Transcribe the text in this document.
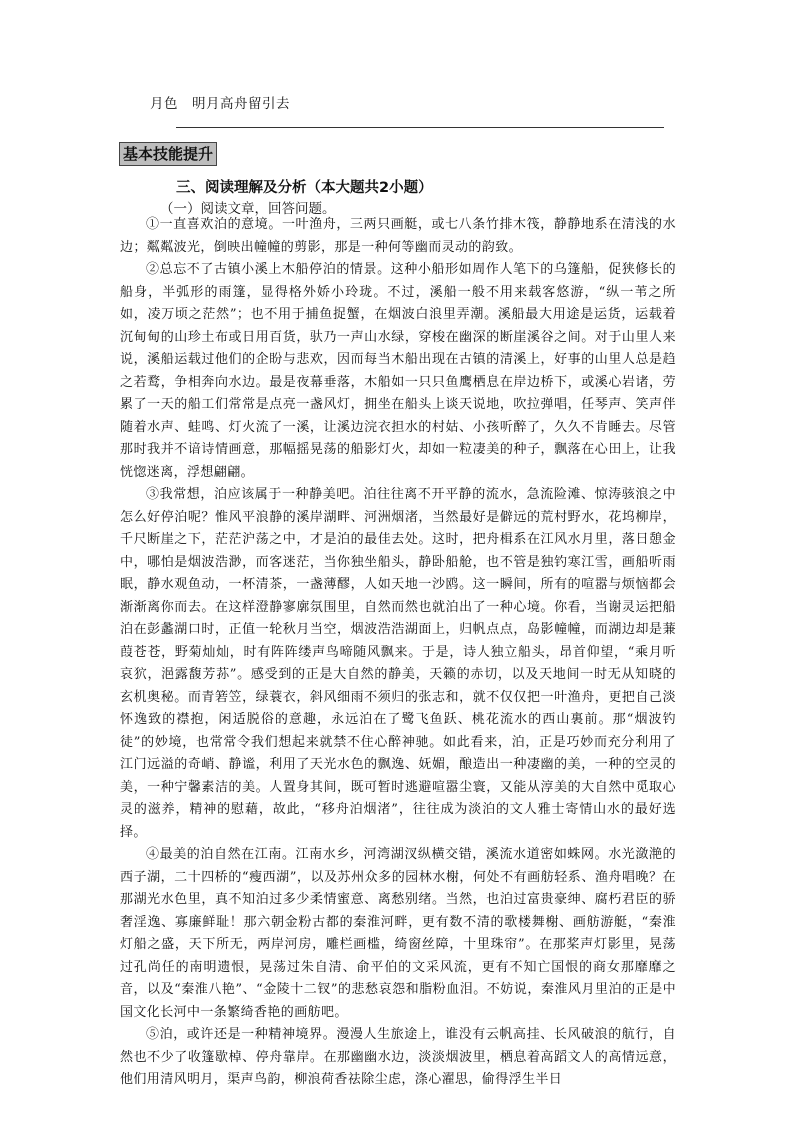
月色　明月高舟留引去
基本技能提升
三、阅读理解及分析（本大题共2小题）
（一）阅读文章，回答问题。

①一直喜欢泊的意境。一叶渔舟，三两只画艇，或七八条竹排木筏，静静地系在清浅的水边；粼粼波光，倒映出幢幢的剪影，那是一种何等幽而灵动的韵致。

②总忘不了古镇小溪上木船停泊的情景。这种小船形如周作人笔下的乌篷船，促狭修长的船身，半弧形的雨篷，显得格外娇小玲珑。不过，溪船一般不用来载客悠游，“纵一苇之所如，凌万顷之茫然”；也不用于捕鱼捉蟹，在烟波白浪里弄潮。溪船最大用途是运货，运载着沉甸甸的山珍土布或日用百货，驮乃一声山水绿，穿梭在幽深的断崖溪谷之间。对于山里人来说，溪船运载过他们的企盼与悲欢，因而每当木船出现在古镇的清溪上，好事的山里人总是趋之若鹜，争相奔向水边。最是夜幕垂落，木船如一只只鱼鹰栖息在岸边桥下，或溪心岩诸，劳累了一天的船工们常常是点亮一盏风灯，拥坐在船头上谈天说地，吹拉弹唱，任琴声、笑声伴随着水声、蛙鸣、灯火流了一溪，让溪边浣衣担水的村姑、小孩听醉了，久久不肯睡去。尽管那时我并不谙诗情画意，那幅摇晃荡的船影灯火，却如一粒凄美的种子，飘落在心田上，让我恍惚迷离，浮想翩翩。

③我常想，泊应该属于一种静美吧。泊往往离不开平静的流水，急流险滩、惊涛骇浪之中怎么好停泊呢？惟风平浪静的溪岸湖畔、河洲烟渚，当然最好是僻远的荒村野水，花坞柳岸，千尺断崖之下，茫茫沪荡之中，才是泊的最佳去处。这时，把舟楫系在江风水月里，落日憩金中，哪怕是烟波浩渺，而客迷茫，当你独坐船头，静卧船舱，也不管是独钓寒江雪，画船听雨眠，静水观鱼动，一杯清茶，一盏薄醪，人如天地一沙鸥。这一瞬间，所有的喧嚣与烦恼都会渐渐离你而去。在这样澄静寥廓氛围里，自然而然也就泊出了一种心境。你看，当谢灵运把船泊在彭蠡湖口时，正值一轮秋月当空，烟波浩浩湖面上，归帆点点，岛影幢幢，而湖边却是蒹葭苍苍，野菊灿灿，时有阵阵缕声鸟啼随风飘来。于是，诗人独立船头，昂首仰望，“乘月听哀狖，浥露馥芳荪”。感受到的正是大自然的静美，天籁的赤切，以及天地间一时无从知晓的玄机奥秘。而青箬笠，绿蓑衣，斜风细雨不须归的张志和，就不仅仅把一叶渔舟，更把自己淡怀逸致的襟抱，闲适脱俗的意趣，永远泊在了鹭飞鱼跃、桃花流水的西山裏前。那“烟波钓徒”的妙境，也常常令我们想起来就禁不住心醉神驰。如此看来，泊，正是巧妙而充分利用了江门远溢的奇峭、静谧，利用了天光水色的飘逸、妩媚，酿造出一种凄幽的美，一种的空灵的美，一种宁馨素洁的美。人置身其间，既可暂时逃避喧嚣尘寰，又能从淳美的大自然中觅取心灵的滋养，精神的慰藉，故此，“移舟泊烟渚”，往往成为淡泊的文人雅士寄情山水的最好选择。

④最美的泊自然在江南。江南水乡，河湾湖汊纵横交错，溪流水道密如蛛网。水光潋滟的西子湖，二十四桥的“瘦西湖”，以及苏州众多的园林水榭，何处不有画舫轻系、渔舟唱晚？在那湖光水色里，真不知泊过多少柔情蜜意、离愁别绪。当然，也泊过富贵豪绅、腐朽君臣的骄奢淫逸、寡廉鲜耻！那六朝金粉古都的秦淮河畔，更有数不清的歌楼舞榭、画舫游艇，“秦淮灯船之盛，天下所无，两岸河房，雕栏画槛，绮窗丝障，十里珠帘”。在那桨声灯影里，晃荡过孔尚任的南明遗恨，晃荡过朱自清、俞平伯的文采风流，更有不知亡国恨的商女那靡靡之音，以及“秦淮八艳”、“金陵十二钗”的悲愁哀怨和脂粉血泪。不妨说，秦淮风月里泊的正是中国文化长河中一条繁绮香艳的画舫吧。

⑤泊，或许还是一种精神境界。漫漫人生旅途上，谁没有云帆高挂、长风破浪的航行，自然也不少了收篷歇棹、停舟靠岸。在那幽幽水边，淡淡烟波里，栖息着高蹈文人的高情远意，他们用清风明月，渠声鸟韵，柳浪荷香祛除尘虑，涤心濯思，偷得浮生半日
